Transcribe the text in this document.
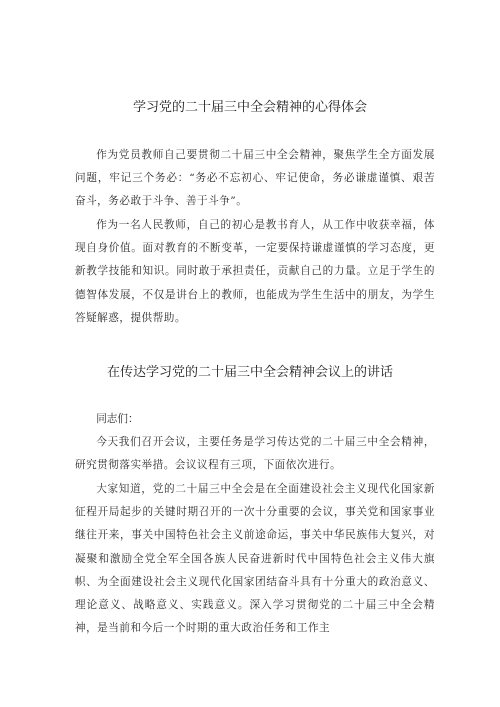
学习党的二十届三中全会精神的心得体会

作为党员教师自己要贯彻二十届三中全会精神，聚焦学生全方面发展问题，牢记三个务必：“务必不忘初心、牢记使命，务必谦虚谨慎、艰苦奋斗，务必敢于斗争、善于斗争”。

作为一名人民教师，自己的初心是教书育人，从工作中收获幸福，体现自身价值。面对教育的不断变革，一定要保持谦虚谨慎的学习态度，更新教学技能和知识。同时敢于承担责任，贡献自己的力量。立足于学生的德智体发展，不仅是讲台上的教师，也能成为学生生活中的朋友，为学生答疑解惑，提供帮助。

在传达学习党的二十届三中全会精神会议上的讲话

同志们：

今天我们召开会议，主要任务是学习传达党的二十届三中全会精神，研究贯彻落实举措。会议议程有三项，下面依次进行。

大家知道，党的二十届三中全会是在全面建设社会主义现代化国家新征程开局起步的关键时期召开的一次十分重要的会议，事关党和国家事业继往开来，事关中国特色社会主义前途命运，事关中华民族伟大复兴，对凝聚和激励全党全军全国各族人民奋进新时代中国特色社会主义伟大旗帜、为全面建设社会主义现代化国家团结奋斗具有十分重大的政治意义、理论意义、战略意义、实践意义。深入学习贯彻党的二十届三中全会精神，是当前和今后一个时期的重大政治任务和工作主
